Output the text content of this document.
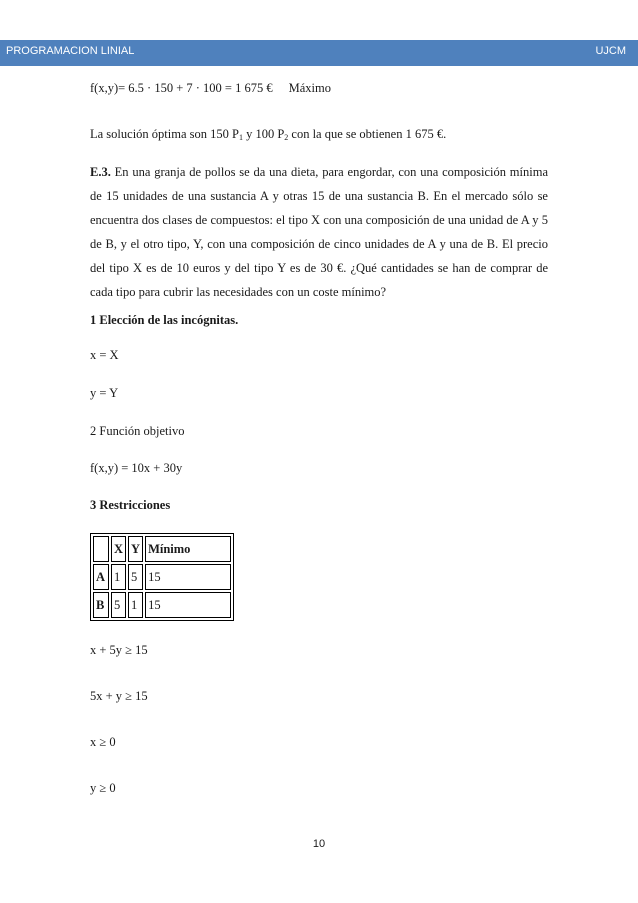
PROGRAMACION LINIAL	UJCM
f(x,y)= 6.5 · 150 + 7 · 100 = 1 675 € Máximo
La solución óptima son 150 $P_1$ y 100 $P_2$ con la que se obtienen 1 675 €.
E.3. En una granja de pollos se da una dieta, para engordar, con una composición mínima de 15 unidades de una sustancia A y otras 15 de una sustancia B. En el mercado sólo se encuentra dos clases de compuestos: el tipo X con una composición de una unidad de A y 5 de B, y el otro tipo, Y, con una composición de cinco unidades de A y una de B. El precio del tipo X es de 10 euros y del tipo Y es de 30 €. ¿Qué cantidades se han de comprar de cada tipo para cubrir las necesidades con un coste mínimo?
1 Elección de las incógnitas.
x = X
y = Y
2 Función objetivo
f(x,y) = 10x + 30y
3 Restricciones
	X	Y	Mínimo
A	1	5	15
B	5	1	15
x + 5y ≥ 15
5x + y ≥ 15
x ≥ 0
y ≥ 0
10
